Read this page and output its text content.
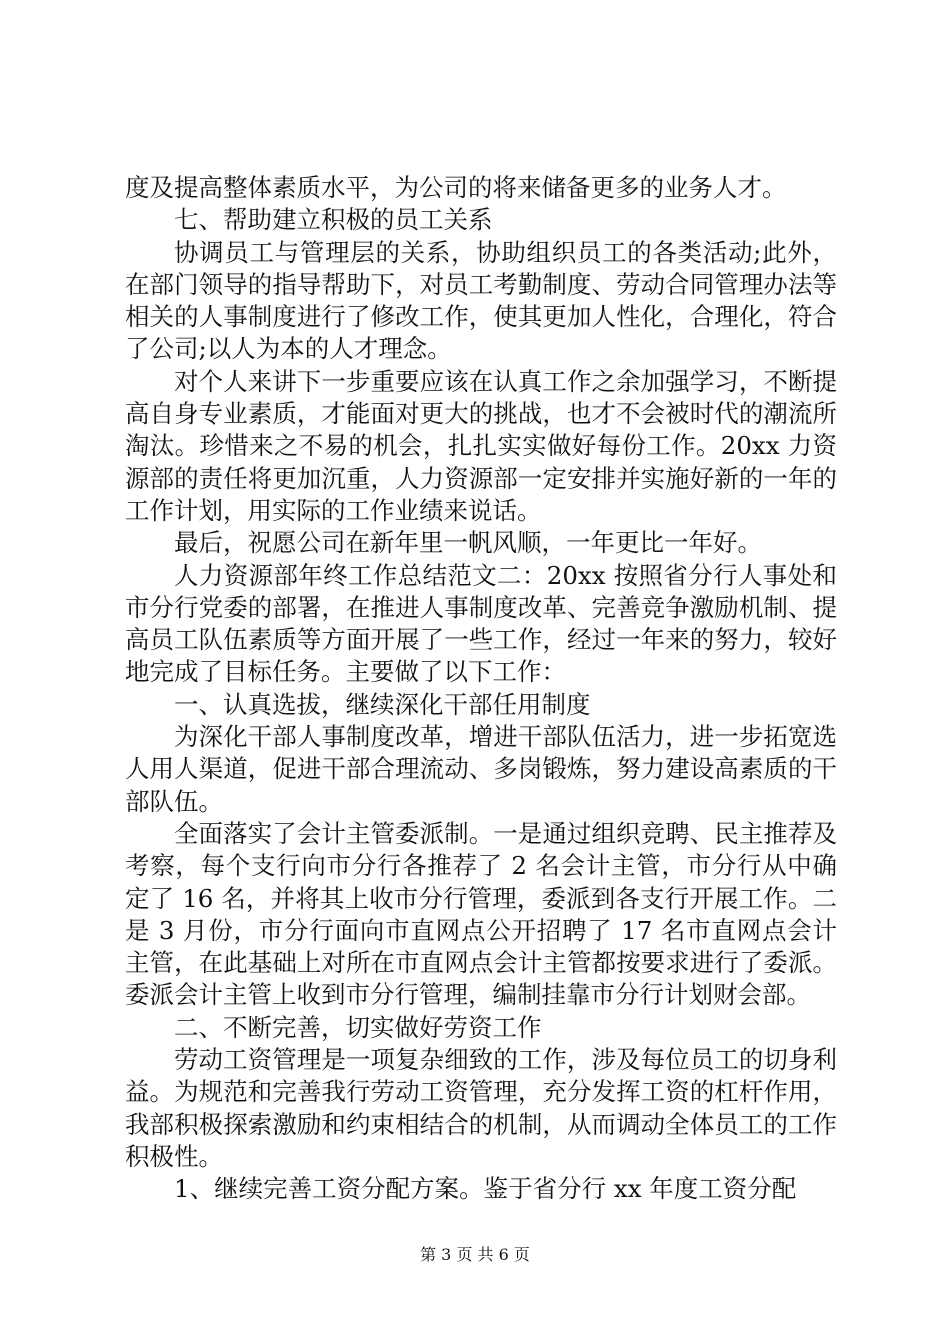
度及提高整体素质水平，为公司的将来储备更多的业务人才。

七、帮助建立积极的员工关系

协调员工与管理层的关系，协助组织员工的各类活动;此外，在部门领导的指导帮助下，对员工考勤制度、劳动合同管理办法等相关的人事制度进行了修改工作，使其更加人性化，合理化，符合了公司;以人为本的人才理念。

对个人来讲下一步重要应该在认真工作之余加强学习，不断提高自身专业素质，才能面对更大的挑战，也才不会被时代的潮流所淘汰。珍惜来之不易的机会，扎扎实实做好每份工作。20xx 力资源部的责任将更加沉重，人力资源部一定安排并实施好新的一年的工作计划，用实际的工作业绩来说话。

最后，祝愿公司在新年里一帆风顺，一年更比一年好。

人力资源部年终工作总结范文二：20xx 按照省分行人事处和市分行党委的部署，在推进人事制度改革、完善竞争激励机制、提高员工队伍素质等方面开展了一些工作，经过一年来的努力，较好地完成了目标任务。主要做了以下工作：

一、认真选拔，继续深化干部任用制度

为深化干部人事制度改革，增进干部队伍活力，进一步拓宽选人用人渠道，促进干部合理流动、多岗锻炼，努力建设高素质的干部队伍。

全面落实了会计主管委派制。一是通过组织竞聘、民主推荐及考察，每个支行向市分行各推荐了 2 名会计主管，市分行从中确定了 16 名，并将其上收市分行管理，委派到各支行开展工作。二是 3 月份，市分行面向市直网点公开招聘了 17 名市直网点会计主管，在此基础上对所在市直网点会计主管都按要求进行了委派。委派会计主管上收到市分行管理，编制挂靠市分行计划财会部。

二、不断完善，切实做好劳资工作

劳动工资管理是一项复杂细致的工作，涉及每位员工的切身利益。为规范和完善我行劳动工资管理，充分发挥工资的杠杆作用，我部积极探索激励和约束相结合的机制，从而调动全体员工的工作积极性。

1、继续完善工资分配方案。鉴于省分行 xx 年度工资分配

第 3 页 共 6 页
